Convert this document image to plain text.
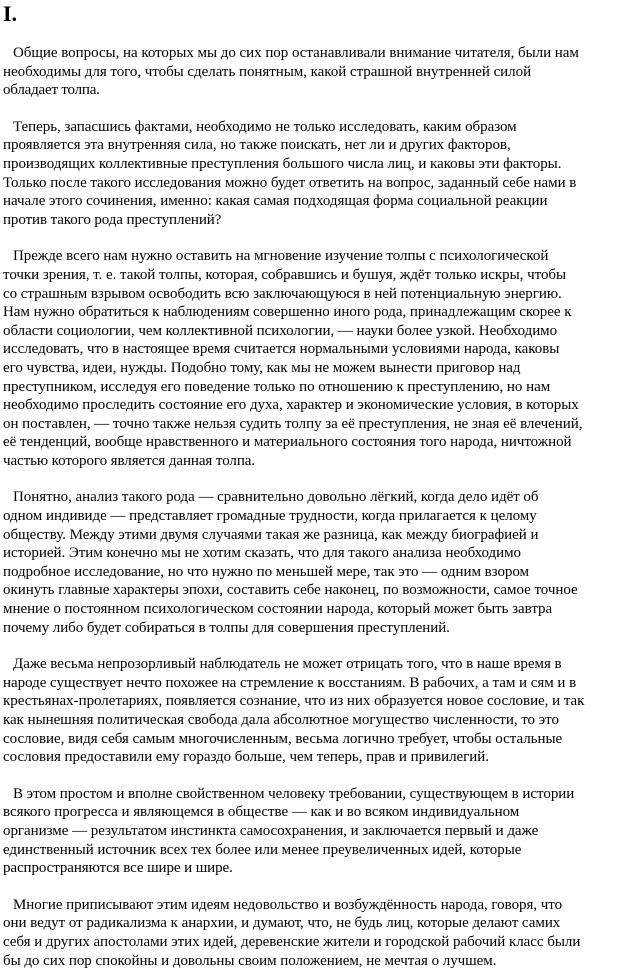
I.

Общие вопросы, на которых мы до сих пор останавливали внимание читателя, были нам
необходимы для того, чтобы сделать понятным, какой страшной внутренней силой
обладает толпа.

Теперь, запасшись фактами, необходимо не только исследовать, каким образом
проявляется эта внутренняя сила, но также поискать, нет ли и других факторов,
производящих коллективные преступления большого числа лиц, и каковы эти факторы.
Только после такого исследования можно будет ответить на вопрос, заданный себе нами в
начале этого сочинения, именно: какая самая подходящая форма социальной реакции
против такого рода преступлений?

Прежде всего нам нужно оставить на мгновение изучение толпы с психологической
точки зрения, т. е. такой толпы, которая, собравшись и бушуя, ждёт только искры, чтобы
со страшным взрывом освободить всю заключающуюся в ней потенциальную энергию.
Нам нужно обратиться к наблюдениям совершенно иного рода, принадлежащим скорее к
области социологии, чем коллективной психологии, — науки более узкой. Необходимо
исследовать, что в настоящее время считается нормальными условиями народа, каковы
его чувства, идеи, нужды. Подобно тому, как мы не можем вынести приговор над
преступником, исследуя его поведение только по отношению к преступлению, но нам
необходимо проследить состояние его духа, характер и экономические условия, в которых
он поставлен, — точно также нельзя судить толпу за её преступления, не зная её влечений,
её тенденций, вообще нравственного и материального состояния того народа, ничтожной
частью которого является данная толпа.

Понятно, анализ такого рода — сравнительно довольно лёгкий, когда дело идёт об
одном индивиде — представляет громадные трудности, когда прилагается к целому
обществу. Между этими двумя случаями такая же разница, как между биографией и
историей. Этим конечно мы не хотим сказать, что для такого анализа необходимо
подробное исследование, но что нужно по меньшей мере, так это — одним взором
окинуть главные характеры эпохи, составить себе наконец, по возможности, самое точное
мнение о постоянном психологическом состоянии народа, который может быть завтра
почему либо будет собираться в толпы для совершения преступлений.

Даже весьма непрозорливый наблюдатель не может отрицать того, что в наше время в
народе существует нечто похожее на стремление к восстаниям. В рабочих, а там и сям и в
крестьянах-пролетариях, появляется сознание, что из них образуется новое сословие, и так
как нынешняя политическая свобода дала абсолютное могущество численности, то это
сословие, видя себя самым многочисленным, весьма логично требует, чтобы остальные
сословия предоставили ему гораздо больше, чем теперь, прав и привилегий.

В этом простом и вполне свойственном человеку требовании, существующем в истории
всякого прогресса и являющемся в обществе — как и во всяком индивидуальном
организме — результатом инстинкта самосохранения, и заключается первый и даже
единственный источник всех тех более или менее преувеличенных идей, которые
распространяются все шире и шире.

Многие приписывают этим идеям недовольство и возбуждённость народа, говоря, что
они ведут от радикализма к анархии, и думают, что, не будь лиц, которые делают самих
себя и других апостолами этих идей, деревенские жители и городской рабочий класс были
бы до сих пор спокойны и довольны своим положением, не мечтая о лучшем.
